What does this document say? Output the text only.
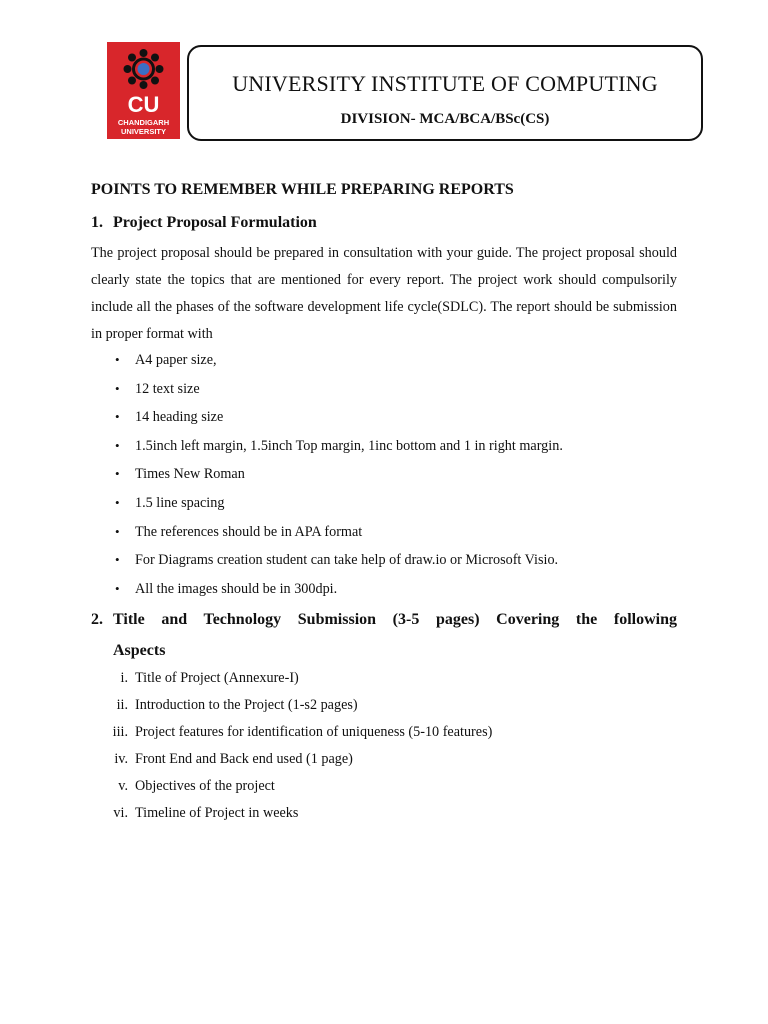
CU
CHANDIGARH
UNIVERSITY
UNIVERSITY INSTITUTE OF COMPUTING
DIVISION- MCA/BCA/BSc(CS)
POINTS TO REMEMBER WHILE PREPARING REPORTS
1. Project Proposal Formulation

The project proposal should be prepared in consultation with your guide. The project proposal should clearly state the topics that are mentioned for every report. The project work should compulsorily include all the phases of the software development life cycle(SDLC). The report should be submission in proper format with

• A4 paper size,
• 12 text size
• 14 heading size
• 1.5inch left margin, 1.5inch Top margin, 1inc bottom and 1 in right margin.
• Times New Roman
• 1.5 line spacing
• The references should be in APA format
• For Diagrams creation student can take help of draw.io or Microsoft Visio.
• All the images should be in 300dpi.
2. Title and Technology Submission (3-5 pages) Covering the following
Aspects
i. Title of Project (Annexure-I)
ii. Introduction to the Project (1-s2 pages)
iii. Project features for identification of uniqueness (5-10 features)
iv. Front End and Back end used (1 page)
v. Objectives of the project
vi. Timeline of Project in weeks
